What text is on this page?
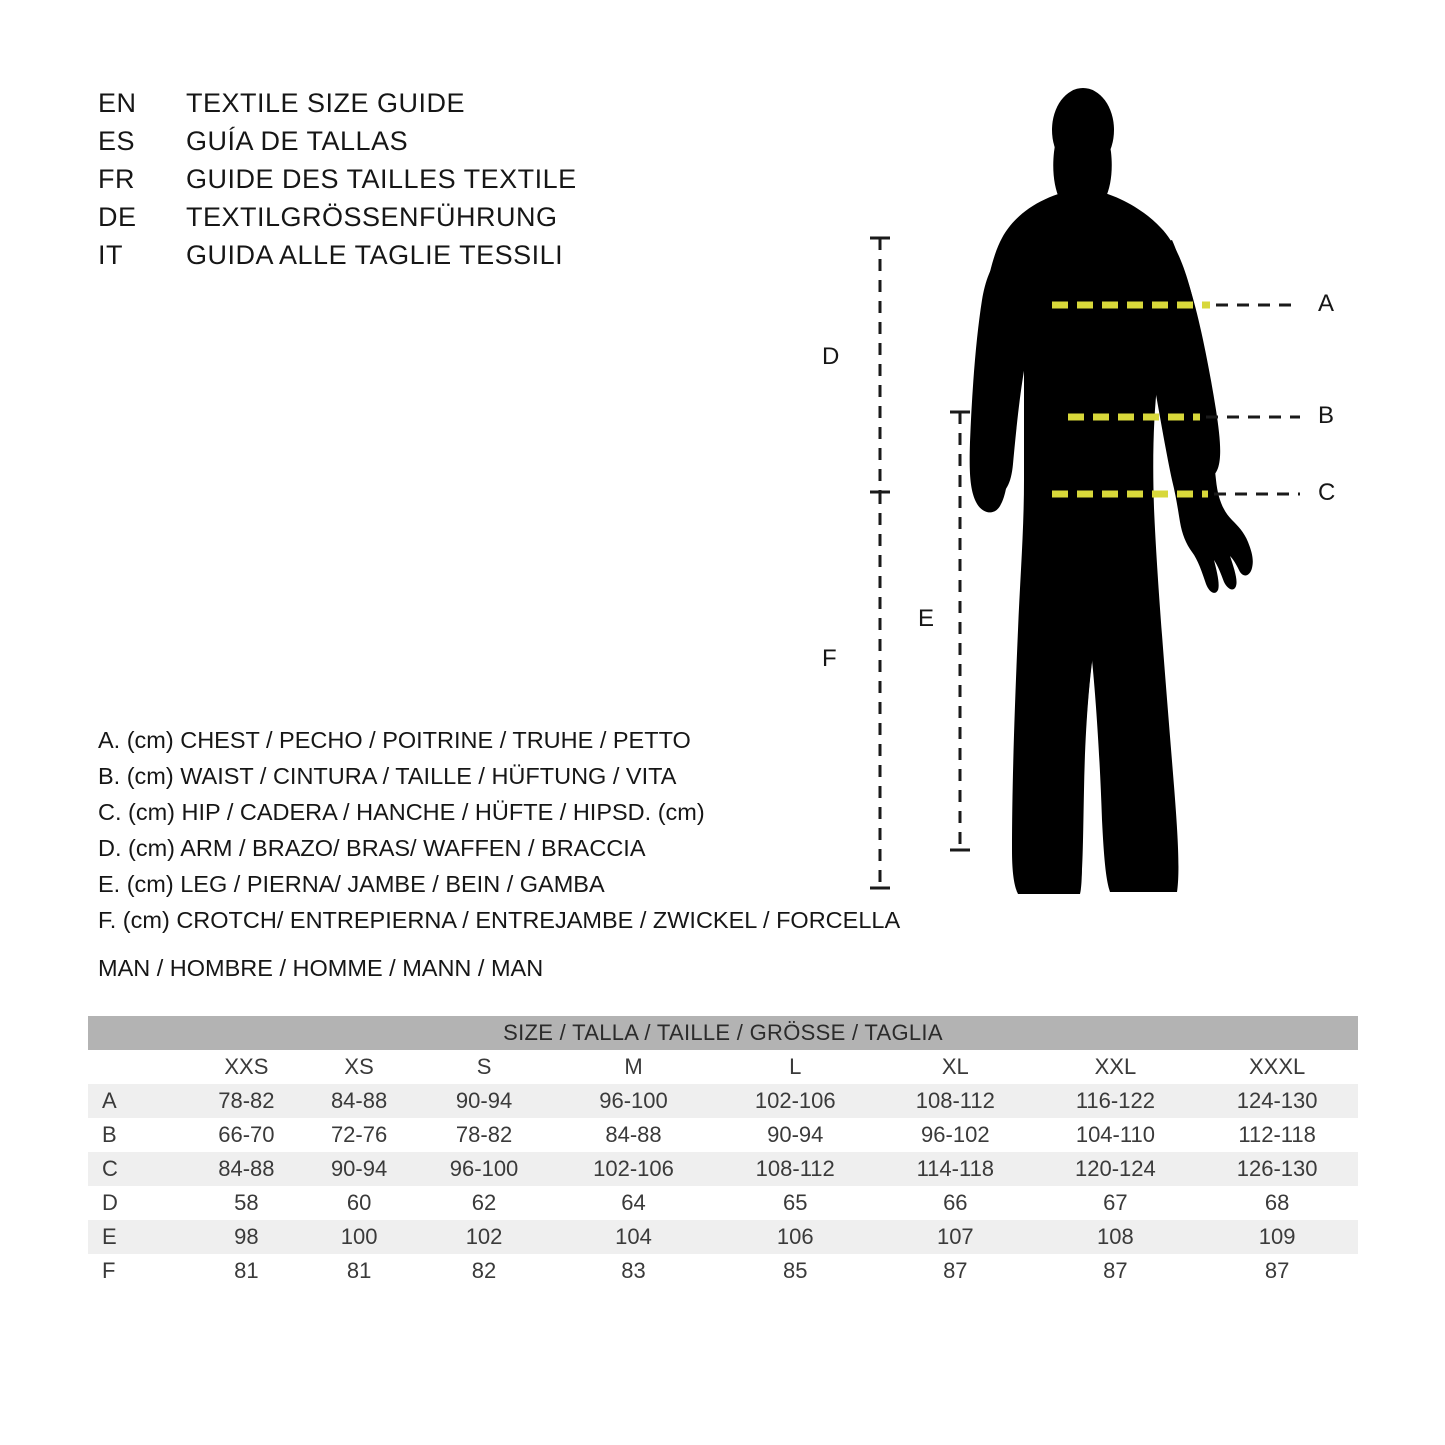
EN	TEXTILE SIZE GUIDE
ES	GUÍA DE TALLAS
FR	GUIDE DES TAILLES TEXTILE
DE	TEXTILGRÖSSENFÜHRUNG
IT	GUIDA ALLE TAGLIE TESSILI
A. (cm) CHEST / PECHO / POITRINE / TRUHE / PETTO
B. (cm) WAIST / CINTURA / TAILLE / HÜFTUNG / VITA
C. (cm) HIP / CADERA / HANCHE / HÜFTE / HIPSD. (cm)
D. (cm) ARM / BRAZO/ BRAS/ WAFFEN / BRACCIA
E. (cm) LEG / PIERNA/ JAMBE / BEIN / GAMBA
F. (cm) CROTCH/ ENTREPIERNA / ENTREJAMBE / ZWICKEL / FORCELLA
MAN / HOMBRE / HOMME / MANN / MAN
D
F
E
A
B
C
SIZE / TALLA / TAILLE / GRÖSSE / TAGLIA								
	XXS	XS	S	M	L	XL	XXL	XXXL
A	78-82	84-88	90-94	96-100	102-106	108-112	116-122	124-130
B	66-70	72-76	78-82	84-88	90-94	96-102	104-110	112-118
C	84-88	90-94	96-100	102-106	108-112	114-118	120-124	126-130
D	58	60	62	64	65	66	67	68
E	98	100	102	104	106	107	108	109
F	81	81	82	83	85	87	87	87
